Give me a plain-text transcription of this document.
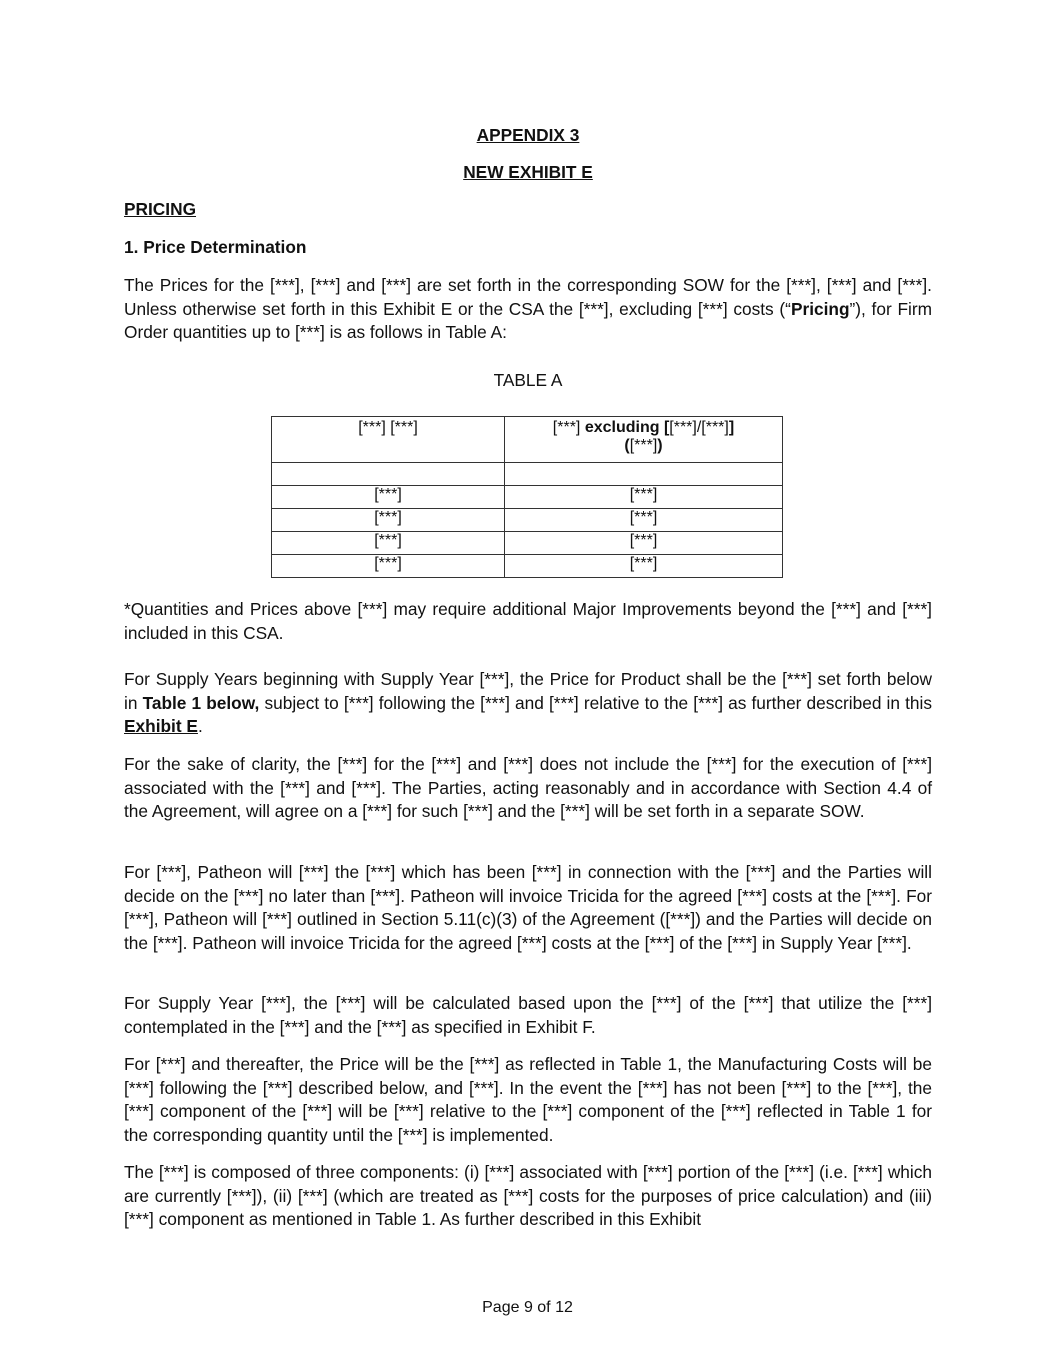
APPENDIX 3
NEW EXHIBIT E
PRICING
1. Price Determination

The Prices for the [***], [***] and [***] are set forth in the corresponding SOW for the [***], [***] and [***]. Unless otherwise set forth in this Exhibit E or the CSA the [***], excluding [***] costs (“Pricing”), for Firm Order quantities up to [***] is as follows in Table A:

TABLE A
[***] [***]	[***] excluding [[***]/[***]]
([***])

[***]	[***]
[***]	[***]
[***]	[***]
[***]	[***]

*Quantities and Prices above [***] may require additional Major Improvements beyond the [***] and [***] included in this CSA.

For Supply Years beginning with Supply Year [***], the Price for Product shall be the [***] set forth below in Table 1 below, subject to [***] following the [***] and [***] relative to the [***] as further described in this Exhibit E.

For the sake of clarity, the [***] for the [***] and [***] does not include the [***] for the execution of [***] associated with the [***] and [***]. The Parties, acting reasonably and in accordance with Section 4.4 of the Agreement, will agree on a [***] for such [***] and the [***] will be set forth in a separate SOW.

For [***], Patheon will [***] the [***] which has been [***] in connection with the [***] and the Parties will decide on the [***] no later than [***]. Patheon will invoice Tricida for the agreed [***] costs at the [***]. For [***], Patheon will [***] outlined in Section 5.11(c)(3) of the Agreement ([***]) and the Parties will decide on the [***]. Patheon will invoice Tricida for the agreed [***] costs at the [***] of the [***] in Supply Year [***].

For Supply Year [***], the [***] will be calculated based upon the [***] of the [***] that utilize the [***] contemplated in the [***] and the [***] as specified in Exhibit F.

For [***] and thereafter, the Price will be the [***] as reflected in Table 1, the Manufacturing Costs will be [***] following the [***] described below, and [***]. In the event the [***] has not been [***] to the [***], the [***] component of the [***] will be [***] relative to the [***] component of the [***] reflected in Table 1 for the corresponding quantity until the [***] is implemented.

The [***] is composed of three components: (i) [***] associated with [***] portion of the [***] (i.e. [***] which are currently [***]), (ii) [***] (which are treated as [***] costs for the purposes of price calculation) and (iii) [***] component as mentioned in Table 1. As further described in this Exhibit

Page 9 of 12
